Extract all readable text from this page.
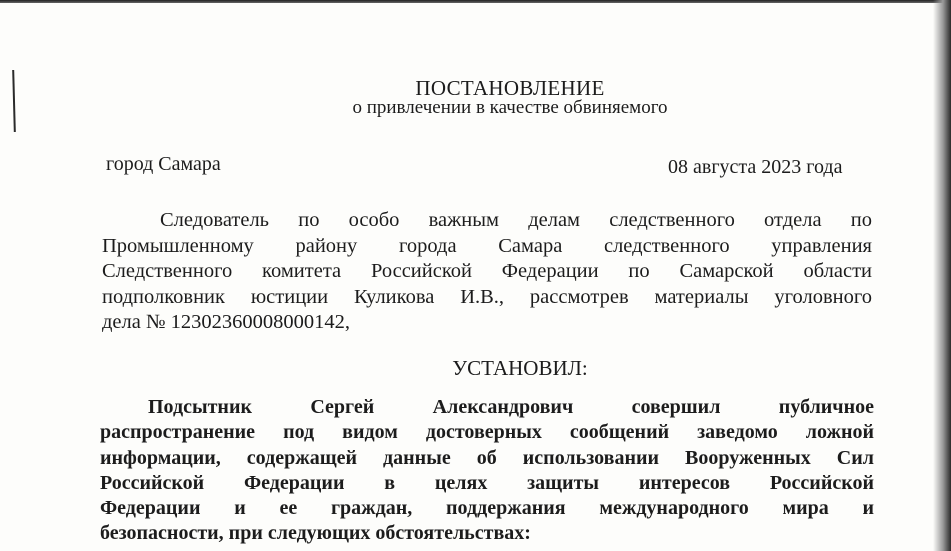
ПОСТАНОВЛЕНИЕ
о привлечении в качестве обвиняемого
город Самара	08 августа 2023 года
Следователь по особо важным делам следственного отдела по
Промышленному району города Самара следственного управления
Следственного комитета Российской Федерации по Самарской области
подполковник юстиции Куликова И.В., рассмотрев материалы уголовного
дела № 12302360008000142,
УСТАНОВИЛ:
Подсытник Сергей Александрович совершил публичное
распространение под видом достоверных сообщений заведомо ложной
информации, содержащей данные об использовании Вооруженных Сил
Российской Федерации в целях защиты интересов Российской
Федерации и ее граждан, поддержания международного мира и
безопасности, при следующих обстоятельствах:
